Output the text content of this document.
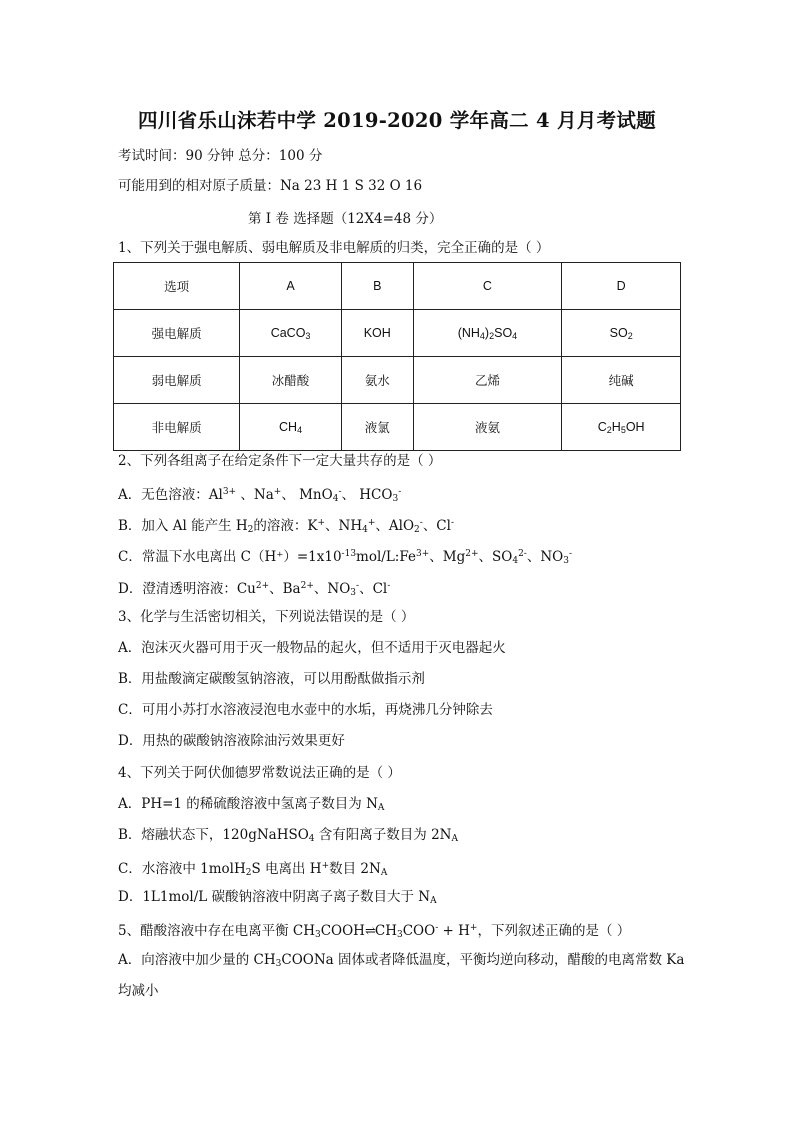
四川省乐山沫若中学 2019-2020 学年高二 4 月月考试题
考试时间：90 分钟 总分：100 分
可能用到的相对原子质量：Na 23 H 1 S 32 O 16
第 I 卷 选择题（12X4=48 分）
1、下列关于强电解质、弱电解质及非电解质的归类，完全正确的是（ ）
选项	A	B	C	D
强电解质	CaCO$_3$	KOH	$(NH_4)_2SO_4$	$SO_2$
弱电解质	冰醋酸	氨水	乙烯	纯碱
非电解质	$CH_4$	液氯	液氨	$C_2H_5OH$
2、下列各组离子在给定条件下一定大量共存的是（ ）
A．无色溶液：$Al^{3+}$ 、Na+、 MnO$_4$-、 $HCO_3^-$
B．加入 Al 能产生 $H_2$的溶液：K+、$NH_4^+$、AlO$_2$-、Cl-
C．常温下水电离出 $C(H^+)=1x10^{-13}mol/L:Fe^{3+}$、$Mg^{2+}$、$SO_4^{2-}$、$NO_3^-$
D．澄清透明溶液：$Cu^{2+}$、$Ba^{2+}$、$NO_3^-$、Cl-
3、化学与生活密切相关，下列说法错误的是（ ）
A．泡沫灭火器可用于灭一般物品的起火，但不适用于灭电器起火
B．用盐酸滴定碳酸氢钠溶液，可以用酚酞做指示剂
C．可用小苏打水溶液浸泡电水壶中的水垢，再烧沸几分钟除去
D．用热的碳酸钠溶液除油污效果更好
4、下列关于阿伏伽德罗常数说法正确的是（ ）
A．PH=1 的稀硫酸溶液中氢离子数目为 $N_A$
B．熔融状态下，120gNaHSO$_4$ 含有阳离子数目为 $2N_A$
C．水溶液中 1molH$_2$S 电离出 H+数目 $2N_A$
D．1L1mol/L 碳酸钠溶液中阴离子离子数目大于 $N_A$
5、醋酸溶液中存在电离平衡 $CH_3COOH\rightleftharpoons CH_3COO^- + H^+$，下列叙述正确的是（ ）
A．向溶液中加少量的 $CH_3COONa$ 固体或者降低温度，平衡均逆向移动，醋酸的电离常数 Ka
均减小
